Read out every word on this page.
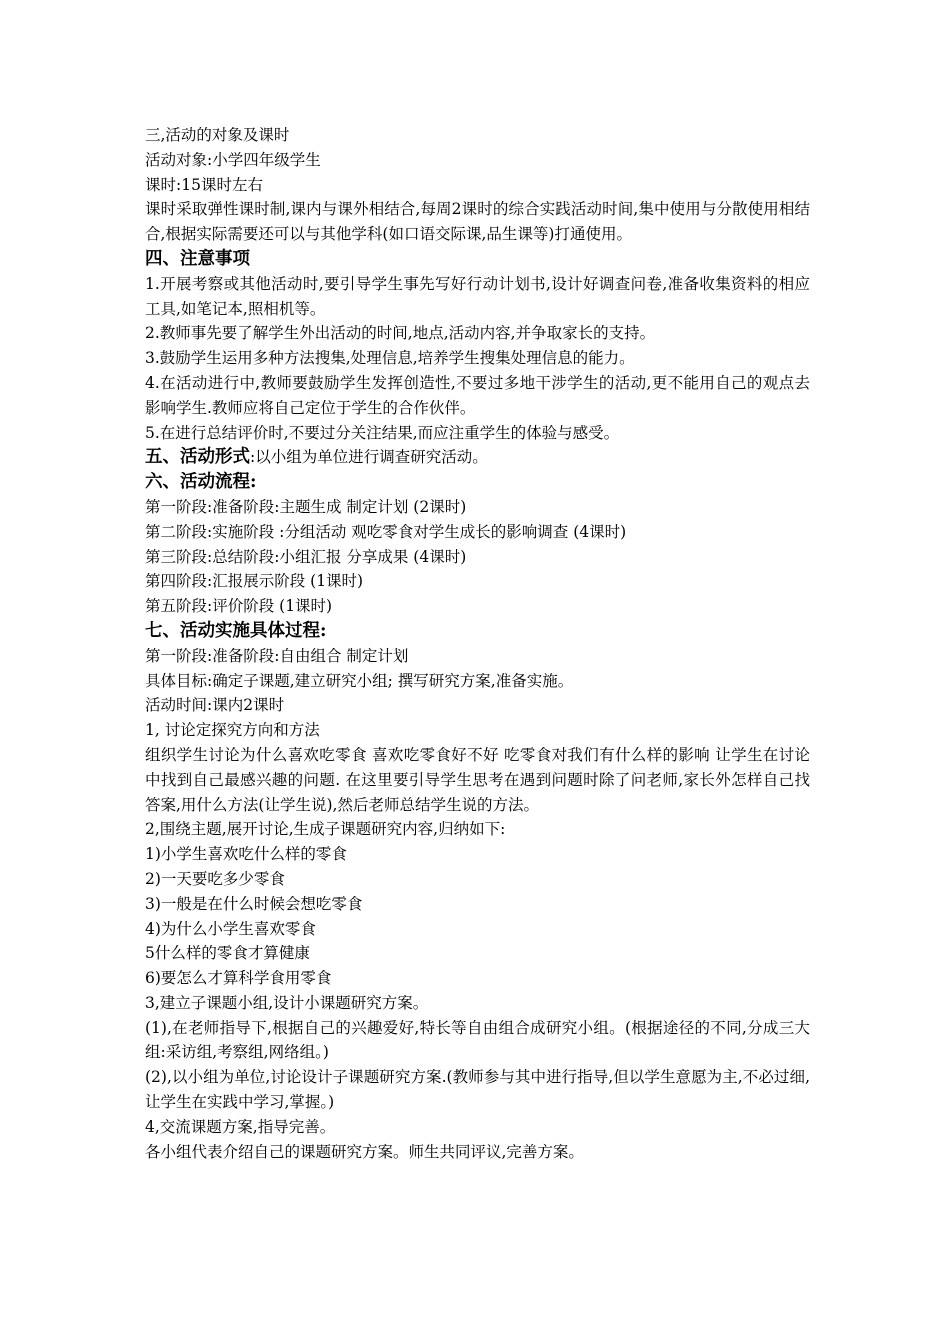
三,活动的对象及课时
活动对象:小学四年级学生
课时:15课时左右
课时采取弹性课时制,课内与课外相结合,每周2课时的综合实践活动时间,集中使用与分散使用相结合,根据实际需要还可以与其他学科(如口语交际课,品生课等)打通使用。
四、注意事项
1.开展考察或其他活动时,要引导学生事先写好行动计划书,设计好调查问卷,准备收集资料的相应工具,如笔记本,照相机等。
2.教师事先要了解学生外出活动的时间,地点,活动内容,并争取家长的支持。
3.鼓励学生运用多种方法搜集,处理信息,培养学生搜集处理信息的能力。
4.在活动进行中,教师要鼓励学生发挥创造性,不要过多地干涉学生的活动,更不能用自己的观点去影响学生.教师应将自己定位于学生的合作伙伴。
5.在进行总结评价时,不要过分关注结果,而应注重学生的体验与感受。
五、活动形式:以小组为单位进行调查研究活动。
六、活动流程:
第一阶段:准备阶段:主题生成 制定计划 (2课时)
第二阶段:实施阶段 :分组活动 观吃零食对学生成长的影响调查 (4课时)
第三阶段:总结阶段:小组汇报 分享成果 (4课时)
第四阶段:汇报展示阶段 (1课时)
第五阶段:评价阶段 (1课时)
七、活动实施具体过程:
第一阶段:准备阶段:自由组合 制定计划
具体目标:确定子课题,建立研究小组; 撰写研究方案,准备实施。
活动时间:课内2课时
1, 讨论定探究方向和方法
组织学生讨论为什么喜欢吃零食 喜欢吃零食好不好 吃零食对我们有什么样的影响 让学生在讨论中找到自己最感兴趣的问题. 在这里要引导学生思考在遇到问题时除了问老师,家长外怎样自己找答案,用什么方法(让学生说),然后老师总结学生说的方法。
2,围绕主题,展开讨论,生成子课题研究内容,归纳如下:
1)小学生喜欢吃什么样的零食
2)一天要吃多少零食
3)一般是在什么时候会想吃零食
4)为什么小学生喜欢零食
5什么样的零食才算健康
6)要怎么才算科学食用零食
3,建立子课题小组,设计小课题研究方案。
(1),在老师指导下,根据自己的兴趣爱好,特长等自由组合成研究小组。(根据途径的不同,分成三大组:采访组,考察组,网络组。)
(2),以小组为单位,讨论设计子课题研究方案.(教师参与其中进行指导,但以学生意愿为主,不必过细,让学生在实践中学习,掌握。)
4,交流课题方案,指导完善。
各小组代表介绍自己的课题研究方案。师生共同评议,完善方案。
